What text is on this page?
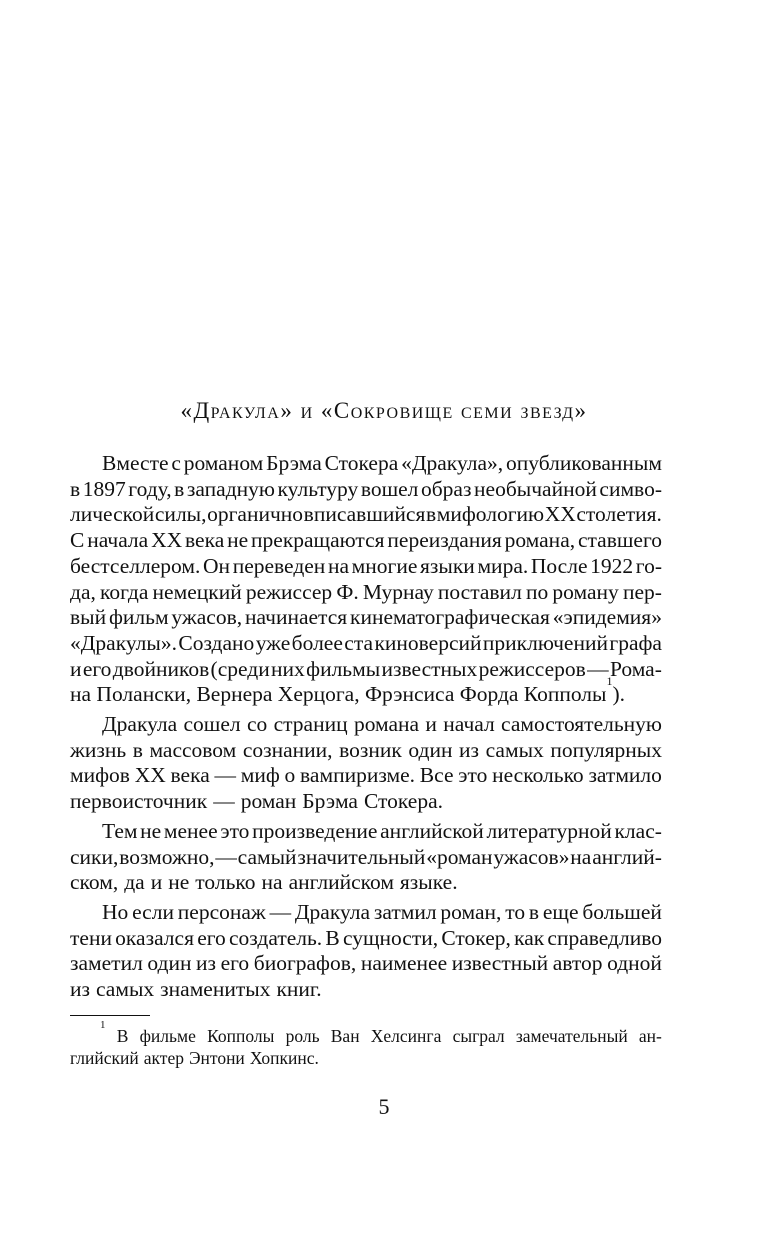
«Дракула» и «Сокровище семи звезд»
Вместе с романом Брэма Стокера «Дракула», опубликованным
в 1897 году, в западную культуру вошел образ необычайной симво-
лической силы, органично вписавшийся в мифологию XX столетия.
С начала XX века не прекращаются переиздания романа, ставшего
бестселлером. Он переведен на многие языки мира. После 1922 го-
да, когда немецкий режиссер Ф. Мурнау поставил по роману пер-
вый фильм ужасов, начинается кинематографическая «эпидемия»
«Дракулы». Создано уже более ста киноверсий приключений графа
и его двойников (среди них фильмы известных режиссеров — Рома-
на Полански, Вернера Херцога, Фрэнсиса Форда Копполы
1
).
Дракула сошел со страниц романа и начал самостоятельную
жизнь в массовом сознании, возник один из самых популярных
мифов XX века — миф о вампиризме. Все это несколько затмило
первоисточник — роман Брэма Стокера.
Тем не менее это произведение английской литературной клас-
сики, возможно, — самый значительный «роман ужасов» на англий-
ском, да и не только на английском языке.
Но если персонаж — Дракула затмил роман, то в еще большей
тени оказался его создатель. В сущности, Стокер, как справедливо
заметил один из его биографов, наименее известный автор одной
из самых знаменитых книг.
1
В фильме Копполы роль Ван Хелсинга сыграл замечательный ан-
глийский актер Энтони Хопкинс.
5
